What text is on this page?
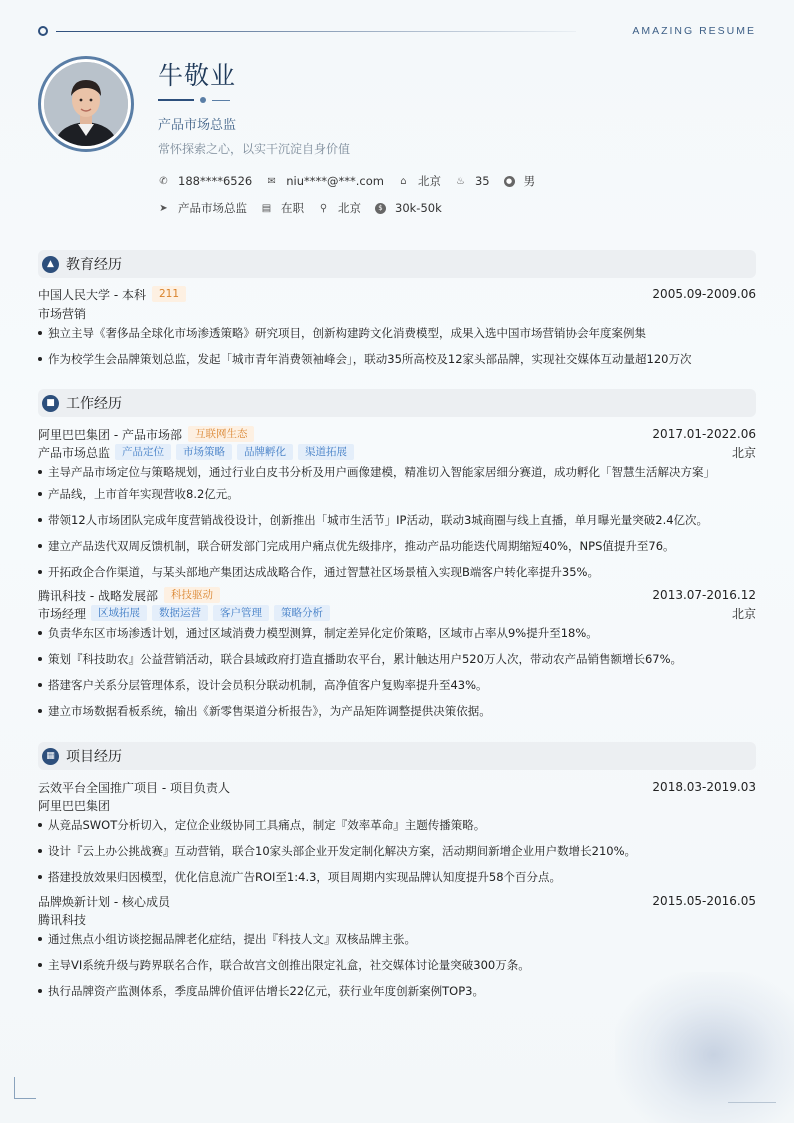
AMAZING RESUME
牛敬业
产品市场总监
常怀探索之心，以实干沉淀自身价值
✆ 188****6526 ✉ niu****@***.com ⌂ 北京 ♨ 35	● 男
➤ 产品市场总监 ▤ 在职 ⚲ 北京	$ 30k-50k
▲ 教育经历
中国人民大学 - 本科	211	2005.09-2009.06
市场营销
独立主导《奢侈品全球化市场渗透策略》研究项目，创新构建跨文化消费模型，成果入选中国市场营销协会年度案例集
作为校学生会品牌策划总监，发起「城市青年消费领袖峰会」，联动35所高校及12家头部品牌，实现社交媒体互动量超120万次
■ 工作经历
阿里巴巴集团 - 产品市场部	互联网生态	2017.01-2022.06
产品市场总监	产品定位	市场策略	品牌孵化	渠道拓展	北京
主导产品市场定位与策略规划，通过行业白皮书分析及用户画像建模，精准切入智能家居细分赛道，成功孵化「智慧生活解决方案」
产品线，上市首年实现营收8.2亿元。
带领12人市场团队完成年度营销战役设计，创新推出「城市生活节」IP活动，联动3城商圈与线上直播，单月曝光量突破2.4亿次。
建立产品迭代双周反馈机制，联合研发部门完成用户痛点优先级排序，推动产品功能迭代周期缩短40%，NPS值提升至76。
开拓政企合作渠道，与某头部地产集团达成战略合作，通过智慧社区场景植入实现B端客户转化率提升35%。
腾讯科技 - 战略发展部	科技驱动	2013.07-2016.12
市场经理	区域拓展	数据运营	客户管理	策略分析	北京
负责华东区市场渗透计划，通过区域消费力模型测算，制定差异化定价策略，区域市占率从9%提升至18%。
策划『科技助农』公益营销活动，联合县域政府打造直播助农平台，累计触达用户520万人次，带动农产品销售额增长67%。
搭建客户关系分层管理体系，设计会员积分联动机制，高净值客户复购率提升至43%。
建立市场数据看板系统，输出《新零售渠道分析报告》，为产品矩阵调整提供决策依据。
▦ 项目经历
云效平台全国推广项目 - 项目负责人	2018.03-2019.03
阿里巴巴集团
从竞品SWOT分析切入，定位企业级协同工具痛点，制定『效率革命』主题传播策略。
设计『云上办公挑战赛』互动营销，联合10家头部企业开发定制化解决方案，活动期间新增企业用户数增长210%。
搭建投放效果归因模型，优化信息流广告ROI至1:4.3，项目周期内实现品牌认知度提升58个百分点。
品牌焕新计划 - 核心成员	2015.05-2016.05
腾讯科技
通过焦点小组访谈挖掘品牌老化症结，提出『科技人文』双核品牌主张。
主导VI系统升级与跨界联名合作，联合故宫文创推出限定礼盒，社交媒体讨论量突破300万条。
执行品牌资产监测体系，季度品牌价值评估增长22亿元，获行业年度创新案例TOP3。
